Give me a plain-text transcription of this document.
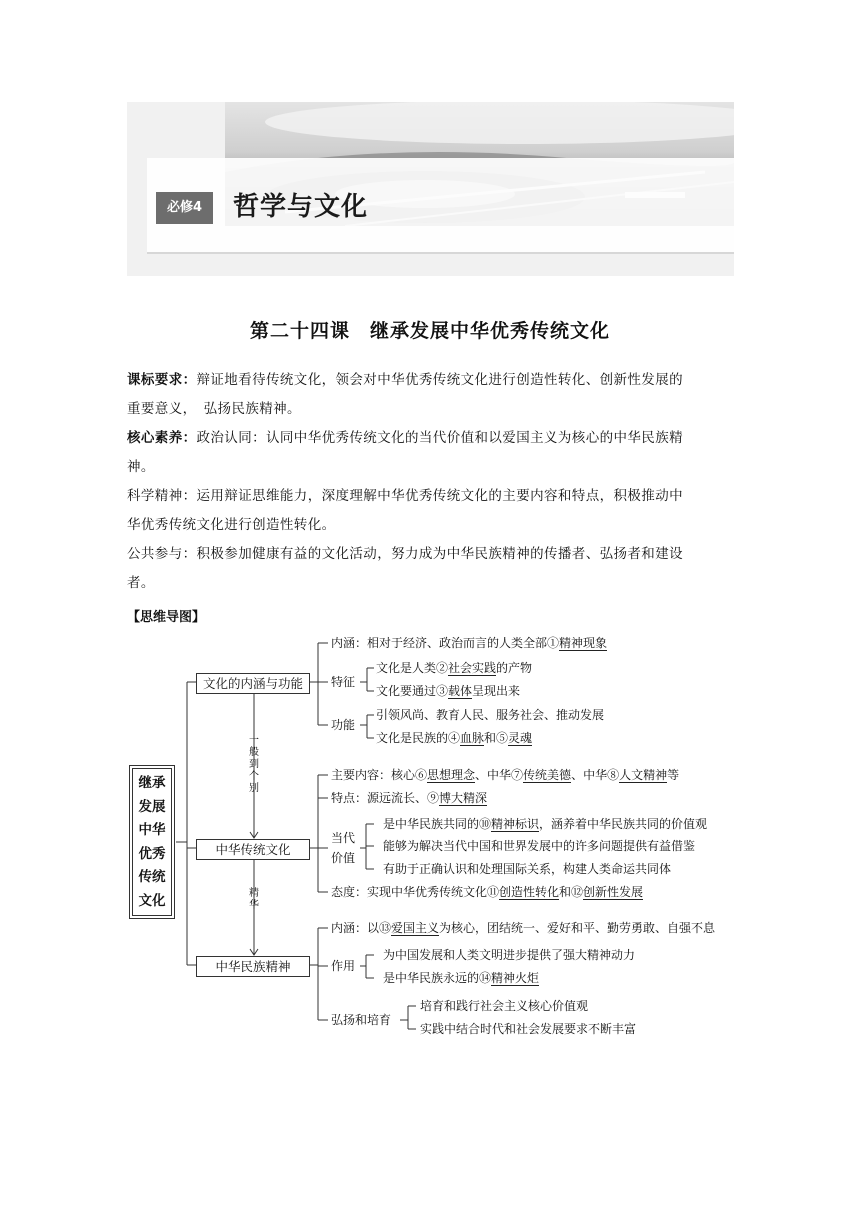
必修4	哲学与文化
第二十四课　继承发展中华优秀传统文化
课标要求：辩证地看待传统文化，领会对中华优秀传统文化进行创造性转化、创新性发展的
重要意义，　弘扬民族精神。
核心素养：政治认同：认同中华优秀传统文化的当代价值和以爱国主义为核心的中华民族精
神。
科学精神：运用辩证思维能力，深度理解中华优秀传统文化的主要内容和特点，积极推动中
华优秀传统文化进行创造性转化。
公共参与：积极参加健康有益的文化活动，努力成为中华民族精神的传播者、弘扬者和建设
者。
【思维导图】
继承
发展
中华
优秀
传统
文化
一
般
到
个
别
精
华
文化的内涵与功能
中华传统文化
中华民族精神
内涵：相对于经济、政治而言的人类全部①精神现象
特征
文化是人类②社会实践的产物
文化要通过③载体呈现出来
功能
引领风尚、教育人民、服务社会、推动发展
文化是民族的④血脉和⑤灵魂
主要内容：核心⑥思想理念、中华⑦传统美德、中华⑧人文精神等
特点：源远流长、⑨博大精深
当代
价值
是中华民族共同的⑩精神标识，涵养着中华民族共同的价值观
能够为解决当代中国和世界发展中的许多问题提供有益借鉴
有助于正确认识和处理国际关系，构建人类命运共同体
态度：实现中华优秀传统文化⑪创造性转化和⑫创新性发展
内涵：以⑬爱国主义为核心，团结统一、爱好和平、勤劳勇敢、自强不息
作用
为中国发展和人类文明进步提供了强大精神动力
是中华民族永远的⑭精神火炬
弘扬和培育
培育和践行社会主义核心价值观
实践中结合时代和社会发展要求不断丰富
